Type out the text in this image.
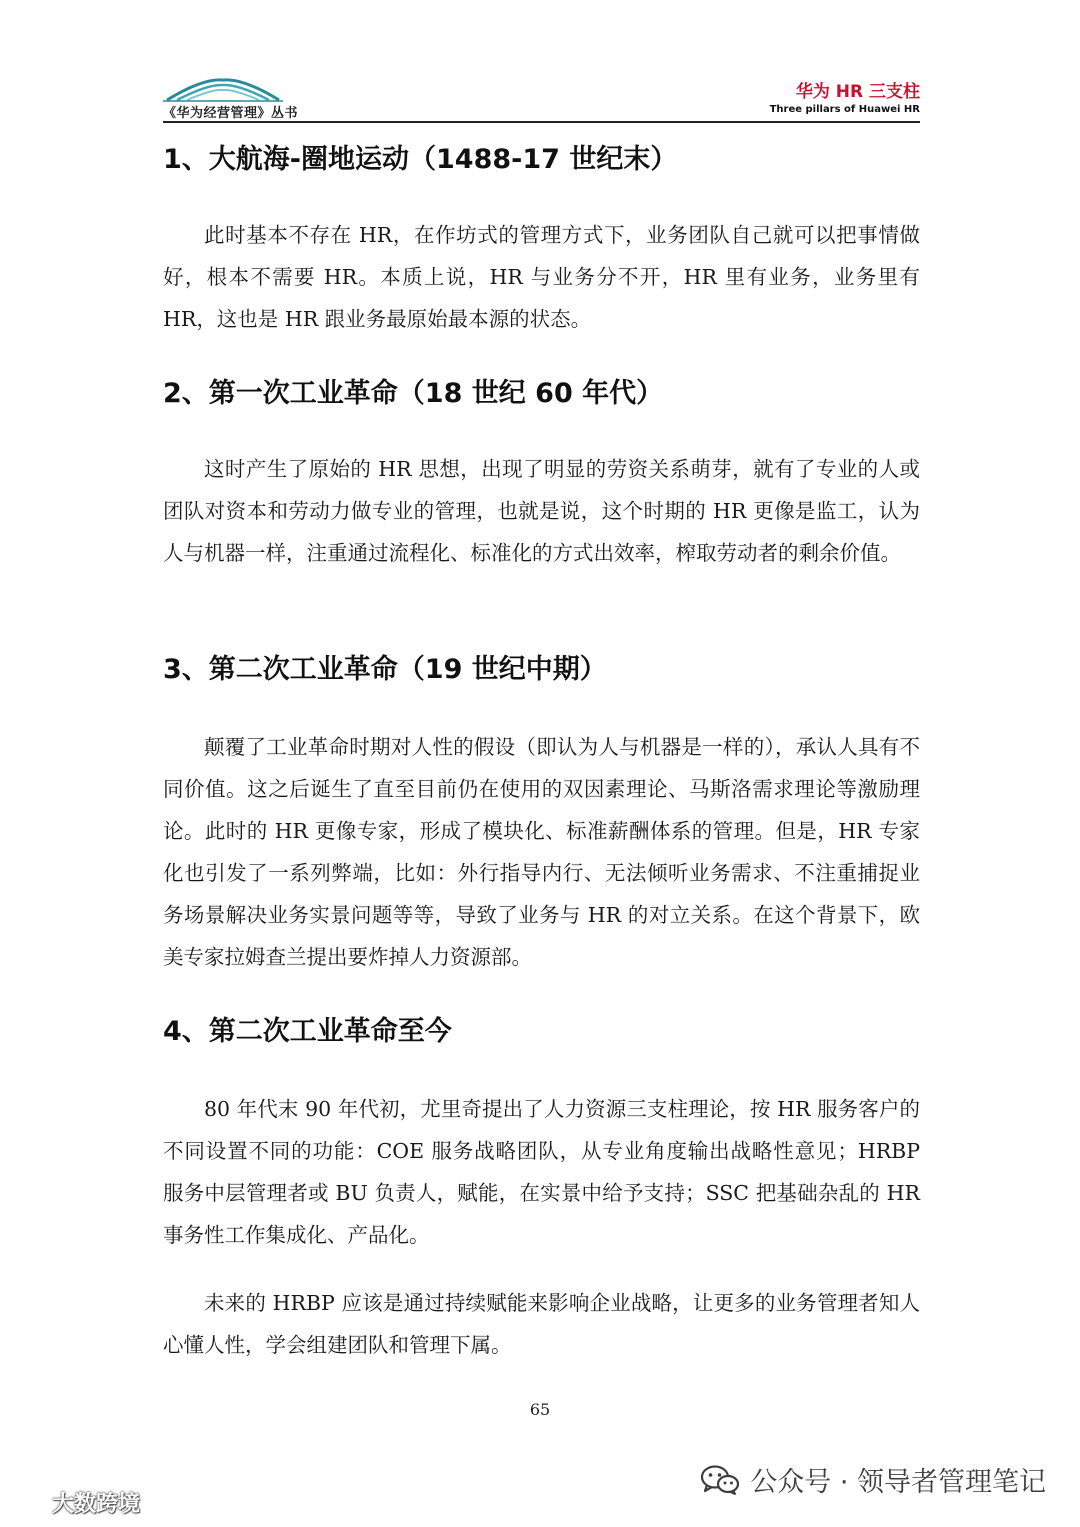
《华为经营管理》丛书
华为 HR 三支柱
Three pillars of Huawei HR
1、大航海-圈地运动（1488-17 世纪末）

此时基本不存在 HR，在作坊式的管理方式下，业务团队自己就可以把事情做好，根本不需要 HR。本质上说，HR 与业务分不开，HR 里有业务，业务里有 HR，这也是 HR 跟业务最原始最本源的状态。

2、第一次工业革命（18 世纪 60 年代）

这时产生了原始的 HR 思想，出现了明显的劳资关系萌芽，就有了专业的人或团队对资本和劳动力做专业的管理，也就是说，这个时期的 HR 更像是监工，认为人与机器一样，注重通过流程化、标准化的方式出效率，榨取劳动者的剩余价值。

3、第二次工业革命（19 世纪中期）

颠覆了工业革命时期对人性的假设（即认为人与机器是一样的），承认人具有不同价值。这之后诞生了直至目前仍在使用的双因素理论、马斯洛需求理论等激励理论。此时的 HR 更像专家，形成了模块化、标准薪酬体系的管理。但是，HR 专家化也引发了一系列弊端，比如：外行指导内行、无法倾听业务需求、不注重捕捉业务场景解决业务实景问题等等，导致了业务与 HR 的对立关系。在这个背景下，欧美专家拉姆查兰提出要炸掉人力资源部。

4、第二次工业革命至今

80 年代末 90 年代初，尤里奇提出了人力资源三支柱理论，按 HR 服务客户的不同设置不同的功能：COE 服务战略团队，从专业角度输出战略性意见；HRBP 服务中层管理者或 BU 负责人，赋能，在实景中给予支持；SSC 把基础杂乱的 HR 事务性工作集成化、产品化。

未来的 HRBP 应该是通过持续赋能来影响企业战略，让更多的业务管理者知人心懂人性，学会组建团队和管理下属。

65
公众号 · 领导者管理笔记
大数跨境
